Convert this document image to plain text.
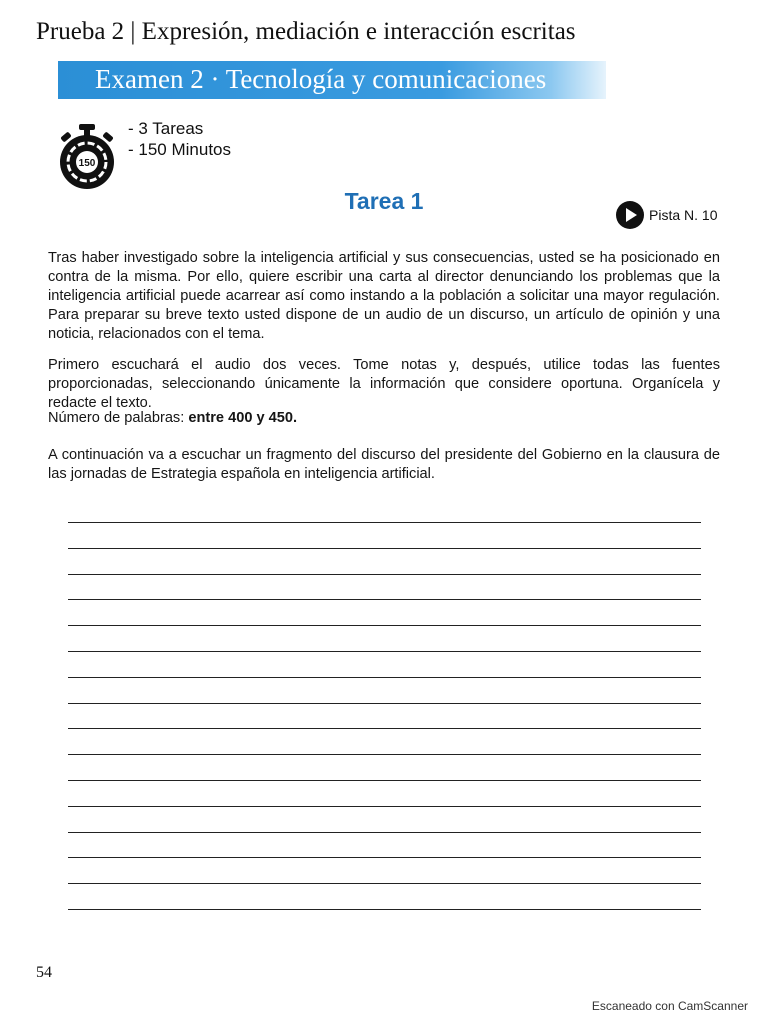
Prueba 2 | Expresión, mediación e interacción escritas
Examen 2 · Tecnología y comunicaciones
150
- 3 Tareas
- 150 Minutos
Tarea 1
Pista N. 10
Tras haber investigado sobre la inteligencia artificial y sus consecuencias, usted se ha posicionado en contra de la misma. Por ello, quiere escribir una carta al director denunciando los problemas que la inteligencia artificial puede acarrear así como instando a la población a solicitar una mayor regulación. Para preparar su breve texto usted dispone de un audio de un discurso, un artículo de opinión y una noticia, relacionados con el tema.
Primero escuchará el audio dos veces. Tome notas y, después, utilice todas las fuentes proporcionadas, seleccionando únicamente la información que considere oportuna. Organícela y redacte el texto.
Número de palabras: entre 400 y 450.
A continuación va a escuchar un fragmento del discurso del presidente del Gobierno en la clausura de las jornadas de Estrategia española en inteligencia artificial.
54
Escaneado con CamScanner
